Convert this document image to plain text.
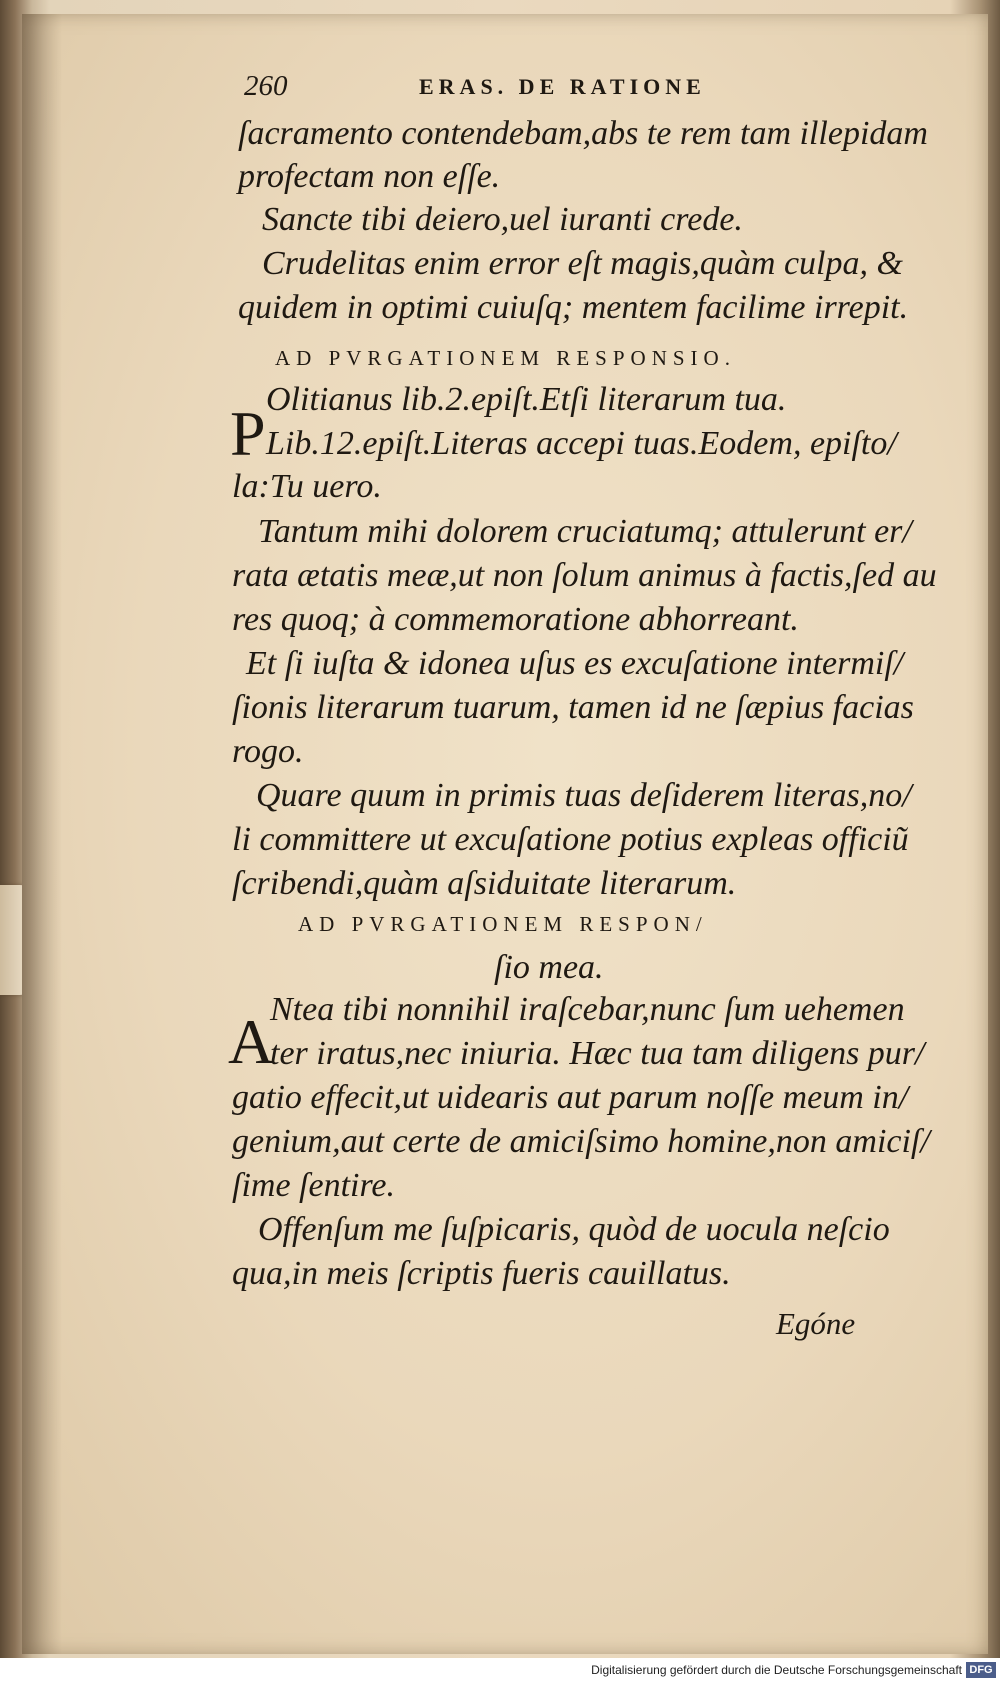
260	ERAS. DE RATIONE
ſacramento contendebam,abs te rem tam illepidam
profectam non eſſe.
Sancte tibi deiero,uel iuranti crede.
Crudelitas enim error eſt magis,quàm culpa, &
quidem in optimi cuiuſq; mentem facilime irrepit.
AD PVRGATIONEM RESPONSIO.
P Olitianus lib.2.epiſt.Etſi literarum tua.
Lib.12.epiſt.Literas accepi tuas.Eodem, epiſto/
la:Tu uero.
Tantum mihi dolorem cruciatumq; attulerunt er/
rata ætatis meæ,ut non ſolum animus à factis,ſed au
res quoq; à commemoratione abhorreant.
Et ſi iuſta & idonea uſus es excuſatione intermiſ/
ſionis literarum tuarum, tamen id ne ſæpius facias
rogo.
Quare quum in primis tuas deſiderem literas,no/
li committere ut excuſatione potius expleas officiũ
ſcribendi,quàm aſsiduitate literarum.
AD PVRGATIONEM RESPON/
ſio mea.
A
Ntea tibi nonnihil iraſcebar,nunc ſum uehemen
ter iratus,nec iniuria. Hæc tua tam diligens pur/
gatio effecit,ut uidearis aut parum noſſe meum in/
genium,aut certe de amiciſsimo homine,non amiciſ/
ſime ſentire.
Offenſum me ſuſpicaris, quòd de uocula neſcio
qua,in meis ſcriptis fueris cauillatus.
Egóne
Digitalisierung gefördert durch die Deutsche Forschungsgemeinschaft DFG
